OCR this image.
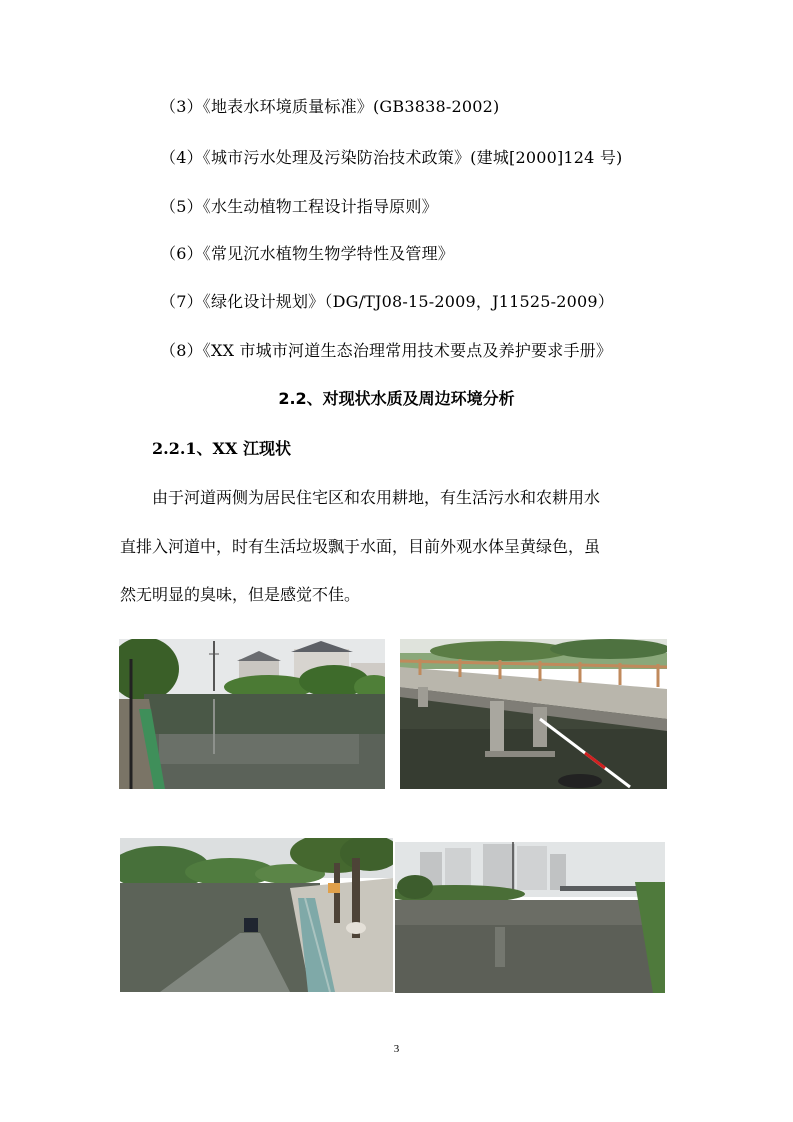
（3）《地表水环境质量标准》(GB3838-2002)
（4）《城市污水处理及污染防治技术政策》(建城[2000]124 号)
（5）《水生动植物工程设计指导原则》
（6）《常见沉水植物生物学特性及管理》
（7）《绿化设计规划》（DG/TJ08-15-2009，J11525-2009）
（8）《XX 市城市河道生态治理常用技术要点及养护要求手册》
2.2、对现状水质及周边环境分析
2.2.1、XX 江现状
由于河道两侧为居民住宅区和农用耕地，有生活污水和农耕用水
直排入河道中，时有生活垃圾飘于水面，目前外观水体呈黄绿色，虽
然无明显的臭味，但是感觉不佳。
3
